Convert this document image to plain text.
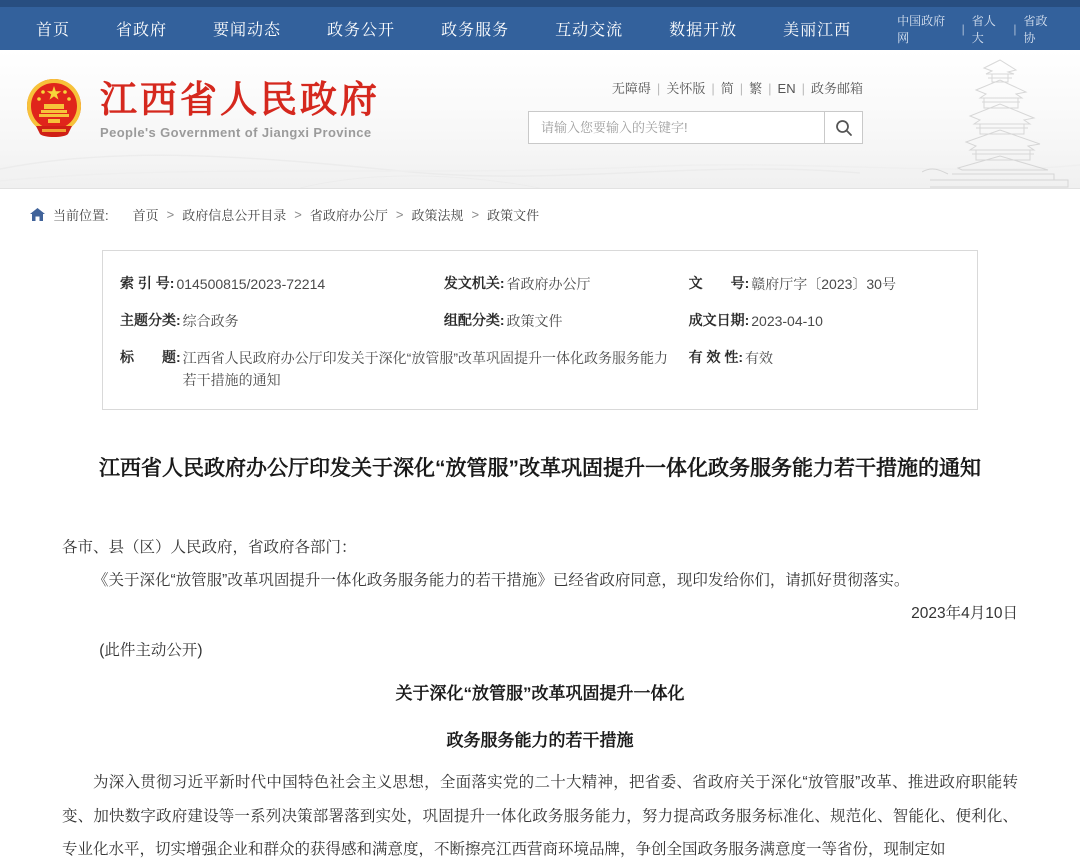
首页	省政府	要闻动态	政务公开	政务服务	互动交流	数据开放	美丽江西
中国政府网
|
省人大
|
省政协
江西省人民政府
People's Government of Jiangxi Province
无障碍 | 关怀版 | 简 | 繁 | EN | 政务邮箱
请输入您要输入的关键字!
当前位置: 首页 > 政府信息公开目录 > 省政府办公厅 > 政策法规 > 政策文件
索 引 号: 014500815/2023-72214	发文机关: 省政府办公厅	文　　号: 赣府厅字〔2023〕30号
主题分类: 综合政务	组配分类: 政策文件	成文日期: 2023-04-10
标　　题: 江西省人民政府办公厅印发关于深化“放管服”改革巩固提升一体化政务服务能力若干措施的通知
有 效 性: 有效
江西省人民政府办公厅印发关于深化“放管服”改革巩固提升一体化政务服务能力若干措施的通知

各市、县（区）人民政府，省政府各部门：

《关于深化“放管服”改革巩固提升一体化政务服务能力的若干措施》已经省政府同意，现印发给你们，请抓好贯彻落实。

2023年4月10日

(此件主动公开)

关于深化“放管服”改革巩固提升一体化

政务服务能力的若干措施

为深入贯彻习近平新时代中国特色社会主义思想，全面落实党的二十大精神，把省委、省政府关于深化“放管服”改革、推进政府职能转变、加快数字政府建设等一系列决策部署落到实处，巩固提升一体化政务服务能力，努力提高政务服务标准化、规范化、智能化、便利化、专业化水平，切实增强企业和群众的获得感和满意度，不断擦亮江西营商环境品牌，争创全国政务服务满意度一等省份，现制定如
